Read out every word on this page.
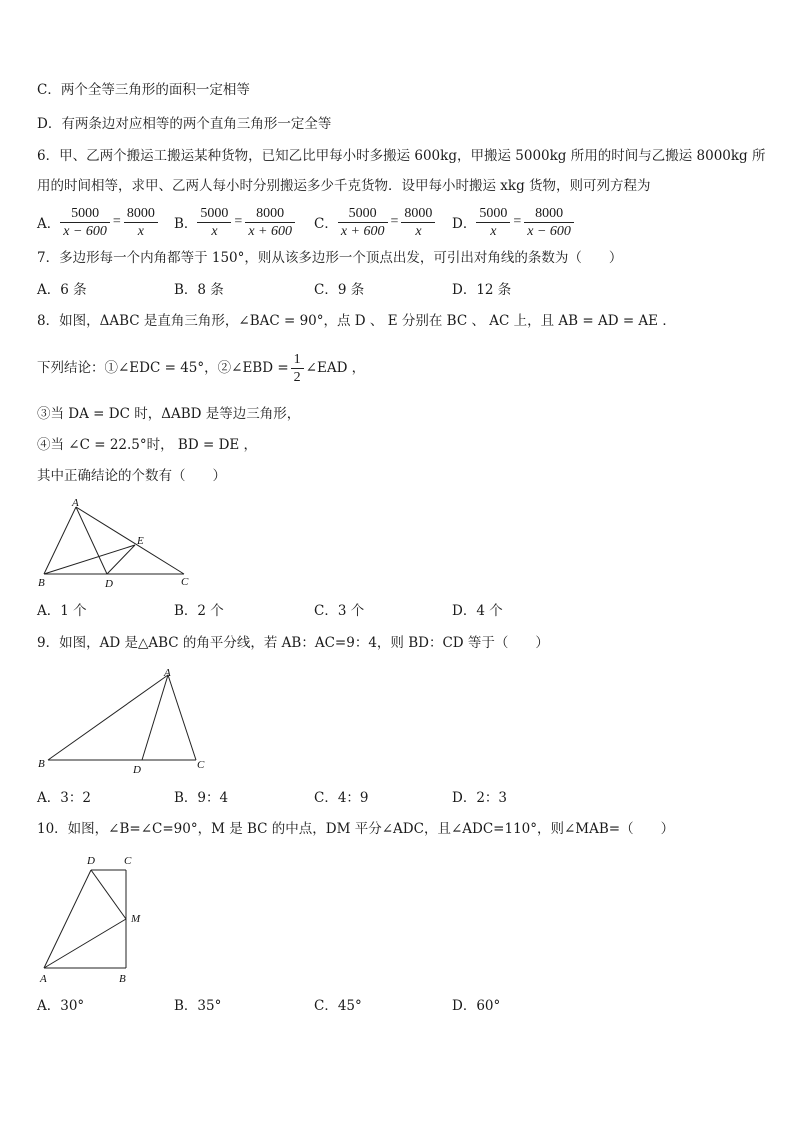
C．两个全等三角形的面积一定相等
D．有两条边对应相等的两个直角三角形一定全等
6．甲、乙两个搬运工搬运某种货物，已知乙比甲每小时多搬运 600kg，甲搬运 5000kg 所用的时间与乙搬运 8000kg 所
用的时间相等，求甲、乙两人每小时分别搬运多少千克货物．设甲每小时搬运 xkg 货物，则可列方程为
A． $\frac{5000}{x - 600} = \frac{8000}{x}$ B． $\frac{5000}{x} = \frac{8000}{x + 600}$ C． $\frac{5000}{x + 600} = \frac{8000}{x}$ D． $\frac{5000}{x} = \frac{8000}{x - 600}$
7．多边形每一个内角都等于 150°，则从该多边形一个顶点出发，可引出对角线的条数为（　　）
A．6 条	B．8 条	C．9 条	D．12 条
8．如图，ΔABC 是直角三角形，∠BAC = 90°，点 D 、 E 分别在 BC 、 AC 上，且 AB = AD = AE ．
下列结论：①∠EDC = 45°，②∠EBD = $\frac{1}{2}$ ∠EAD ，
③当 DA = DC 时，ΔABD 是等边三角形，
④当 ∠C = 22.5°时， BD = DE ，
其中正确结论的个数有（　　）
A
B	C
D
E
A．1 个	B．2 个	C．3 个	D．4 个
9．如图，AD 是△ABC 的角平分线，若 AB：AC=9：4，则 BD：CD 等于（　　）
A
B	C
D
A．3：2	B．9：4	C．4：9	D．2：3
10．如图，∠B=∠C=90°，M 是 BC 的中点，DM 平分∠ADC，且∠ADC=110°，则∠MAB=（　　）
D	C
M
A	B
A．30°	B．35°	C．45°	D．60°
